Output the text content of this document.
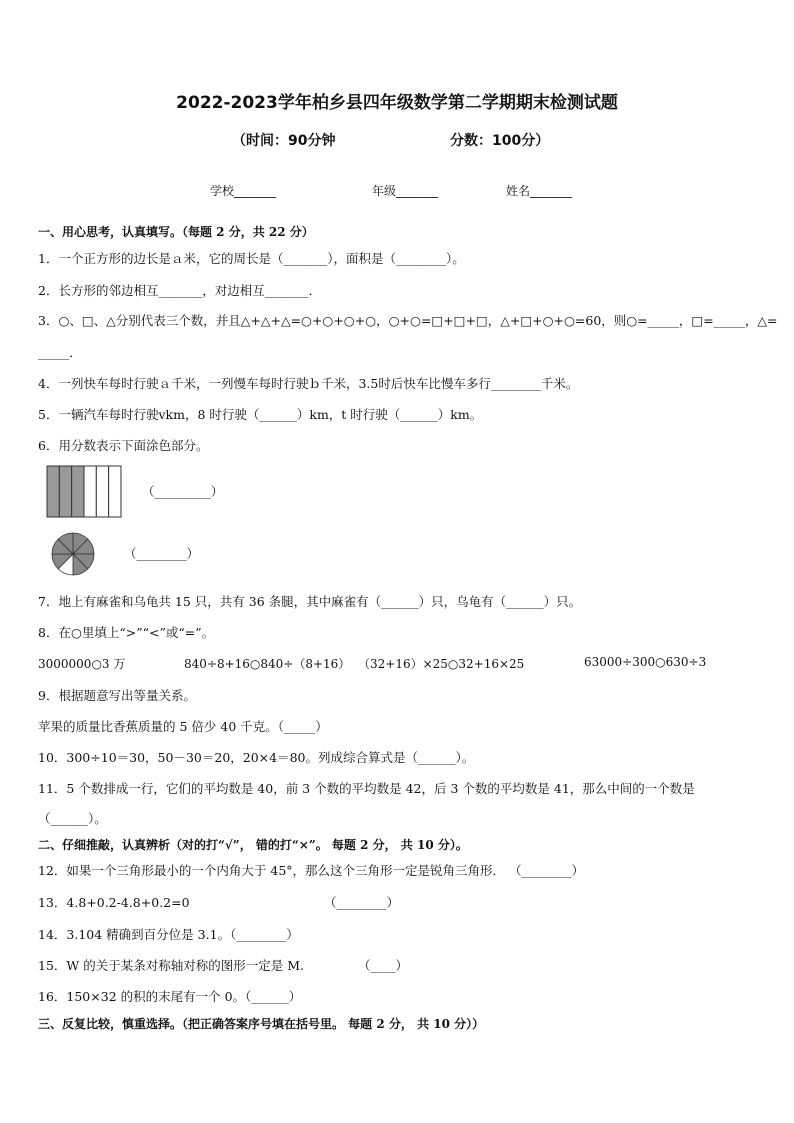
2022-2023学年柏乡县四年级数学第二学期期末检测试题
（时间：90分钟	分数：100分）
学校_______	年级_______	姓名_______
一、用心思考，认真填写。（每题 2 分，共 22 分）
1．一个正方形的边长是ａ米，它的周长是（_______），面积是（________）。
2．长方形的邻边相互_______，对边相互_______．
3．○、□、△分别代表三个数，并且△+△+△=○+○+○+○，○+○=□+□+□，△+□+○+○=60，则○=_____，□=_____，△=
_____．
4．一列快车每时行驶ａ千米，一列慢车每时行驶ｂ千米，3.5时后快车比慢车多行________千米。
5．一辆汽车每时行驶vkm，8 时行驶（______）km，t 时行驶（______）km。
6．用分数表示下面涂色部分。
（_________）
（________）
7．地上有麻雀和乌龟共 15 只，共有 36 条腿，其中麻雀有（______）只，乌龟有（______）只。
8．在○里填上“>”“<”或“=”。
3000000○3 万	840÷8+16○840÷（8+16） （32+16）×25○32+16×25	63000÷300○630÷3
9．根据题意写出等量关系。
苹果的质量比香蕉质量的 5 倍少 40 千克。（_____）
10．300÷10＝30，50－30＝20，20×4＝80。列成综合算式是（______）。
11．5 个数排成一行，它们的平均数是 40，前 3 个数的平均数是 42，后 3 个数的平均数是 41，那么中间的一个数是
（______）。
二、仔细推敲，认真辨析（对的打“√”， 错的打“×”。 每题 2 分， 共 10 分）。
12．如果一个三角形最小的一个内角大于 45°，那么这个三角形一定是锐角三角形． （________）
13．4.8+0.2-4.8+0.2=0	（________）
14．3.104 精确到百分位是 3.1。（________）
15．W 的关于某条对称轴对称的图形一定是 M.	（____）
16．150×32 的积的末尾有一个 0。（______）
三、反复比较，慎重选择。（把正确答案序号填在括号里。 每题 2 分， 共 10 分））
